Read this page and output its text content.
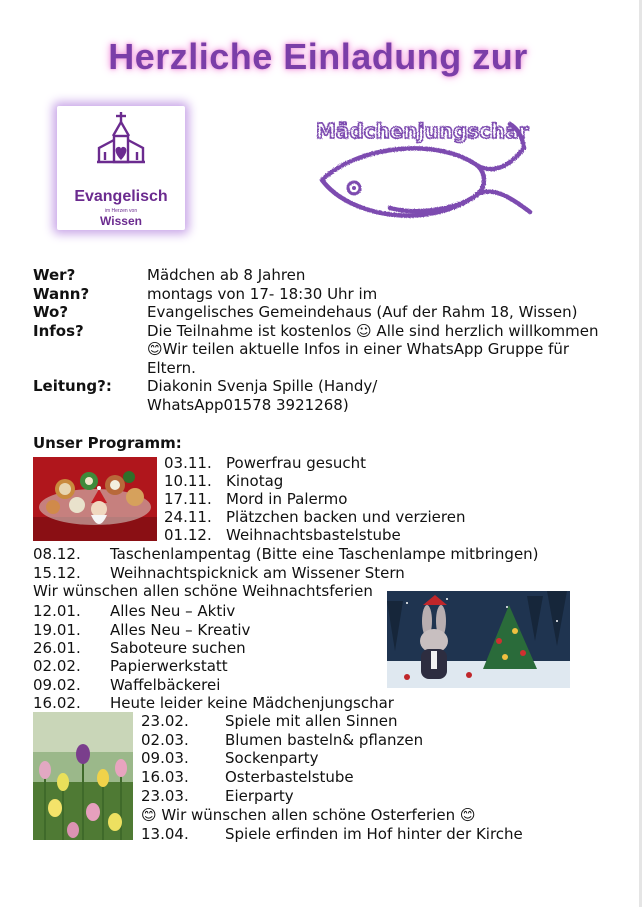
Herzliche Einladung zur
Evangelisch
im Herzen von
Wissen
Mädchenjungschar
Wer?	Mädchen ab 8 Jahren
Wann?	montags von 17- 18:30 Uhr im
Wo?	Evangelisches Gemeindehaus (Auf der Rahm 18, Wissen)
Infos?	Die Teilnahme ist kostenlos ☺ Alle sind herzlich willkommen 😊Wir teilen aktuelle Infos in einer WhatsApp Gruppe für Eltern.
Leitung?:	Diakonin Svenja Spille (Handy/ WhatsApp01578 3921268)
Unser Programm:
03.11. Powerfrau gesucht
10.11. Kinotag
17.11. Mord in Palermo
24.11. Plätzchen backen und verzieren
01.12. Weihnachtsbastelstube
08.12. Taschenlampentag (Bitte eine Taschenlampe mitbringen)
15.12. Weihnachtspicknick am Wissener Stern
Wir wünschen allen schöne Weihnachtsferien
12.01. Alles Neu – Aktiv
19.01. Alles Neu – Kreativ
26.01. Saboteure suchen
02.02. Papierwerkstatt
09.02. Waffelbäckerei
16.02. Heute leider keine Mädchenjungschar
23.02. Spiele mit allen Sinnen
02.03. Blumen basteln& pflanzen
09.03. Sockenparty
16.03. Osterbastelstube
23.03. Eierparty
😊 Wir wünschen allen schöne Osterferien 😊
13.04. Spiele erfinden im Hof hinter der Kirche
